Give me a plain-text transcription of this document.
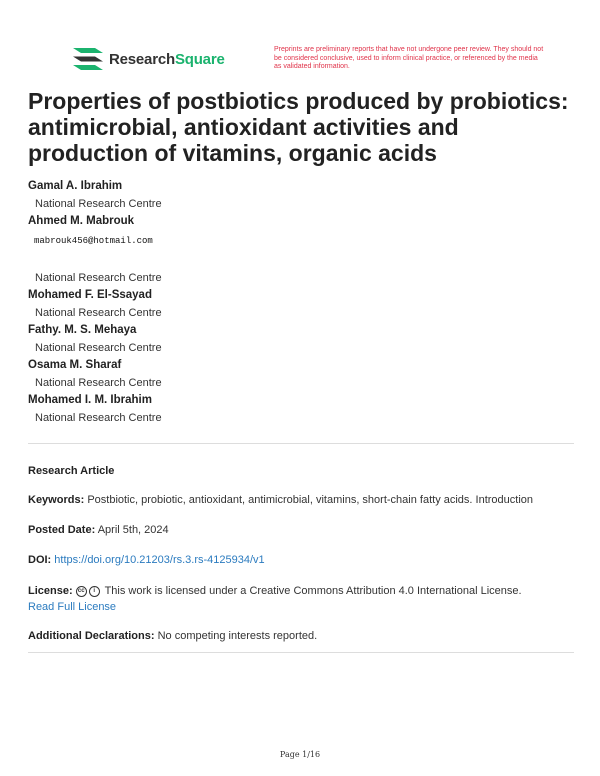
ResearchSquare
Preprints are preliminary reports that have not undergone peer review. They should not be considered conclusive, used to inform clinical practice, or referenced by the media as validated information.
Properties of postbiotics produced by probiotics: antimicrobial, antioxidant activities and production of vitamins, organic acids
Gamal A. Ibrahim
National Research Centre
Ahmed M. Mabrouk
mabrouk456@hotmail.com
National Research Centre
Mohamed F. El-Ssayad
National Research Centre
Fathy. M. S. Mehaya
National Research Centre
Osama M. Sharaf
National Research Centre
Mohamed I. M. Ibrahim
National Research Centre
Research Article
Keywords: Postbiotic, probiotic, antioxidant, antimicrobial, vitamins, short-chain fatty acids. Introduction
Posted Date: April 5th, 2024
DOI: https://doi.org/10.21203/rs.3.rs-4125934/v1
License: cc i This work is licensed under a Creative Commons Attribution 4.0 International License.
Read Full License
Additional Declarations: No competing interests reported.
Page 1/16
